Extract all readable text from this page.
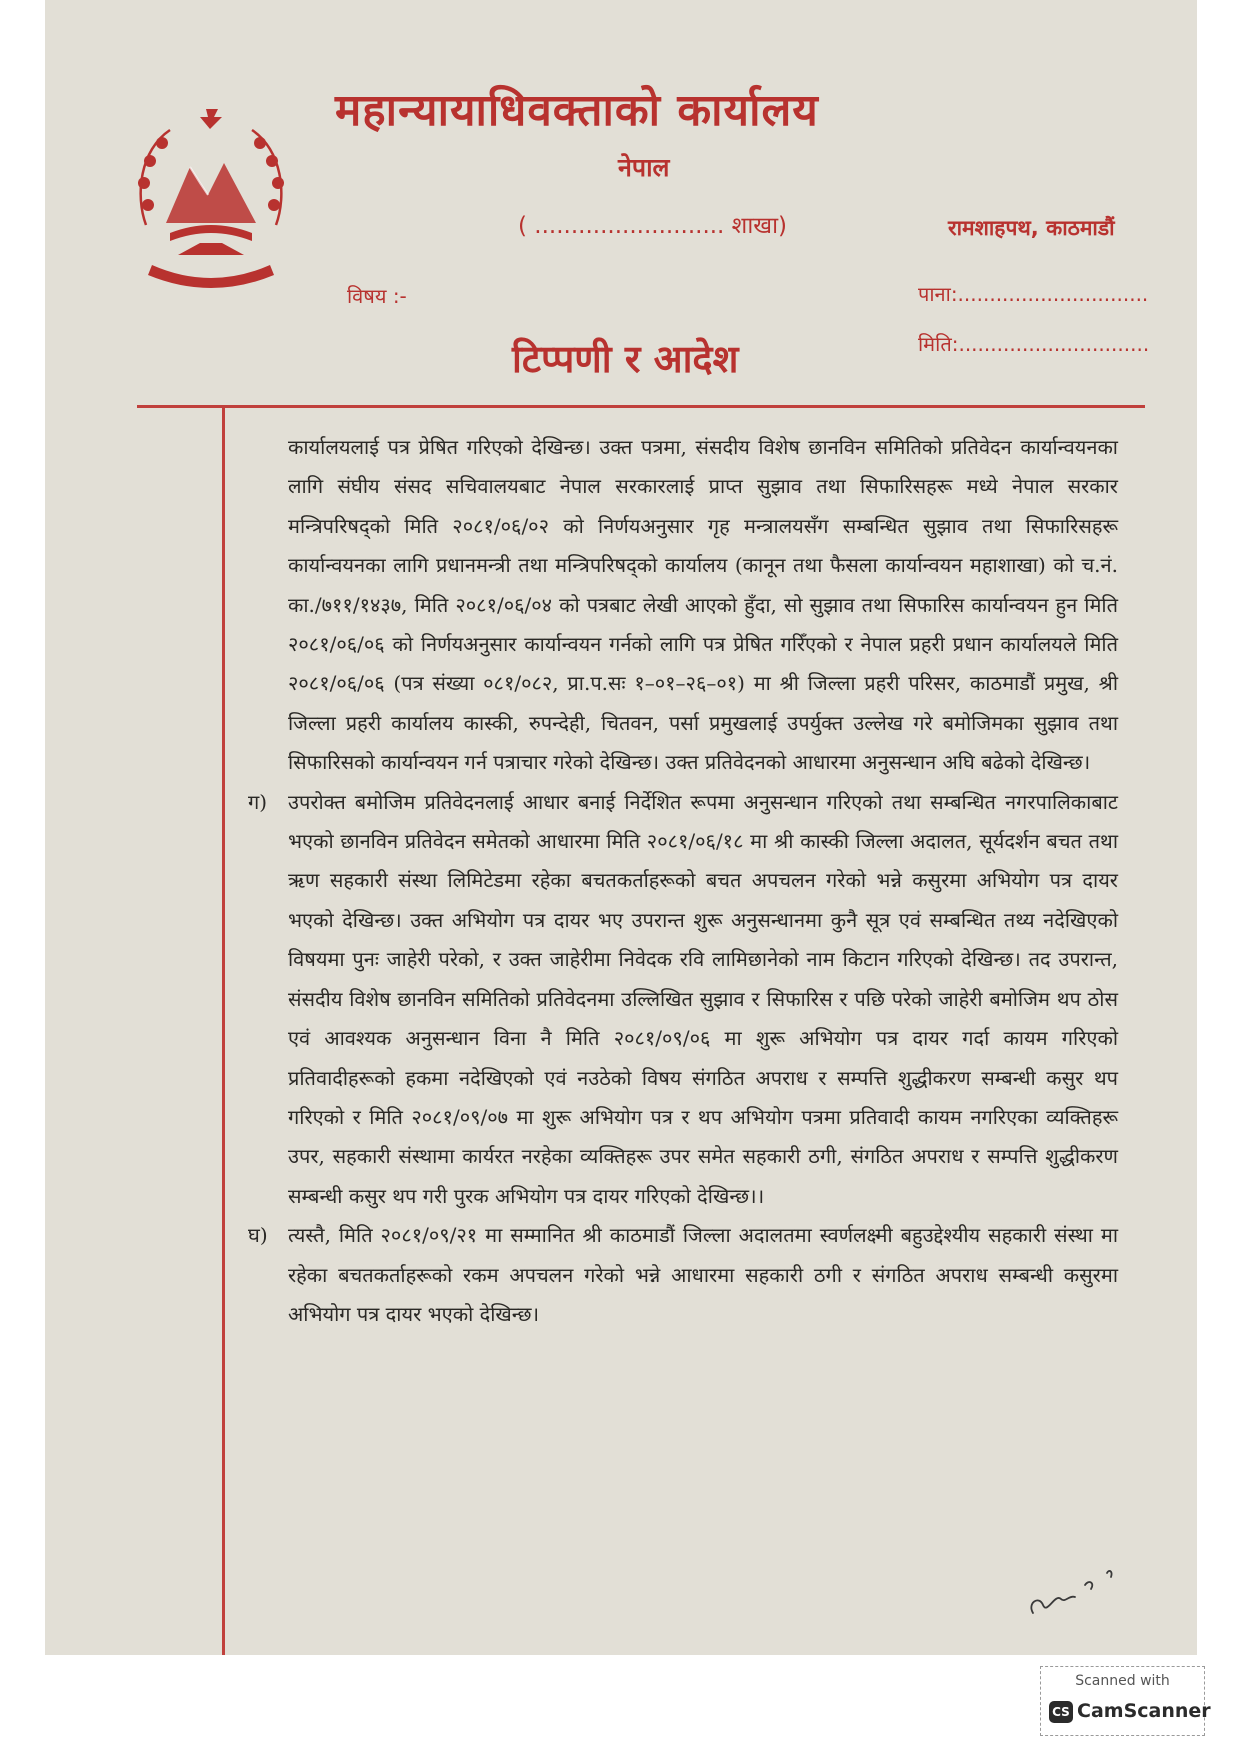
महान्यायाधिवक्ताको कार्यालय
नेपाल
( .......................... शाखा)	रामशाहपथ, काठमाडौं
विषय :-	पाना:..............................
मिति:..............................
टिप्पणी र आदेश

कार्यालयलाई पत्र प्रेषित गरिएको देखिन्छ। उक्त पत्रमा, संसदीय विशेष छानविन समितिको प्रतिवेदन कार्यान्वयनका लागि संघीय संसद सचिवालयबाट नेपाल सरकारलाई प्राप्त सुझाव तथा सिफारिसहरू मध्ये नेपाल सरकार मन्त्रिपरिषद्को मिति २०८१/०६/०२ को निर्णयअनुसार गृह मन्त्रालयसँग सम्बन्धित सुझाव तथा सिफारिसहरू कार्यान्वयनका लागि प्रधानमन्त्री तथा मन्त्रिपरिषद्को कार्यालय (कानून तथा फैसला कार्यान्वयन महाशाखा) को च.नं. का./७११/१४३७, मिति २०८१/०६/०४ को पत्रबाट लेखी आएकाे हुँदा, सो सुझाव तथा सिफारिस कार्यान्वयन हुन मिति २०८१/०६/०६ को निर्णयअनुसार कार्यान्वयन गर्नको लागि पत्र प्रेषित गरिँएको र नेपाल प्रहरी प्रधान कार्यालयले मिति २०८१/०६/०६ (पत्र संख्या ०८१/०८२, प्रा.प.सः १–०१–२६–०१) मा श्री जिल्ला प्रहरी परिसर, काठमाडौं प्रमुख, श्री जिल्ला प्रहरी कार्यालय कास्की, रुपन्देही, चितवन, पर्सा प्रमुखलाई उपर्युक्त उल्लेख गरे बमोजिमका सुझाव तथा सिफारिसको कार्यान्वयन गर्न पत्राचार गरेको देखिन्छ। उक्त प्रतिवेदनको आधारमा अनुसन्धान अघि बढेको देखिन्छ।

ग) उपरोक्त बमोजिम प्रतिवेदनलाई आधार बनाई निर्देशित रूपमा अनुसन्धान गरिएको तथा सम्बन्धित नगरपालिकाबाट भएको छानविन प्रतिवेदन समेतको आधारमा मिति २०८१/०६/१८ मा श्री कास्की जिल्ला अदालत, सूर्यदर्शन बचत तथा ऋण सहकारी संस्था लिमिटेडमा रहेका बचतकर्ताहरूको बचत अपचलन गरेको भन्ने कसुरमा अभियोग पत्र दायर भएको देखिन्छ। उक्त अभियोग पत्र दायर भए उपरान्त शुरू अनुसन्धानमा कुनै सूत्र एवं सम्बन्धित तथ्य नदेखिएको विषयमा पुनः जाहेरी परेको, र उक्त जाहेरीमा निवेदक रवि लामिछानेको नाम किटान गरिएको देखिन्छ। तद उपरान्त, संसदीय विशेष छानविन समितिको प्रतिवेदनमा उल्लिखित सुझाव र सिफारिस र पछि परेको जाहेरी बमोजिम थप ठोस एवं आवश्यक अनुसन्धान विना नै मिति २०८१/०९/०६ मा शुरू अभियोग पत्र दायर गर्दा कायम गरिएको प्रतिवादीहरूको हकमा नदेखिएको एवं नउठेको विषय संगठित अपराध र सम्पत्ति शुद्धीकरण सम्बन्धी कसुर थप गरिएको र मिति २०८१/०९/०७ मा शुरू अभियोग पत्र र थप अभियोग पत्रमा प्रतिवादी कायम नगरिएका व्यक्तिहरू उपर, सहकारी संस्थामा कार्यरत नरहेका व्यक्तिहरू उपर समेत सहकारी ठगी, संगठित अपराध र सम्पत्ति शुद्धीकरण सम्बन्धी कसुर थप गरी पुरक अभियोग पत्र दायर गरिएको देखिन्छ।।

घ) त्यस्तै, मिति २०८१/०९/२१ मा सम्मानित श्री काठमाडौं जिल्ला अदालतमा स्वर्णलक्ष्मी बहुउद्देश्यीय सहकारी संस्था मा रहेका बचतकर्ताहरूको रकम अपचलन गरेको भन्ने आधारमा सहकारी ठगी र संगठित अपराध सम्बन्धी कसुरमा अभियोग पत्र दायर भएको देखिन्छ।

Scanned with
CS CamScanner
